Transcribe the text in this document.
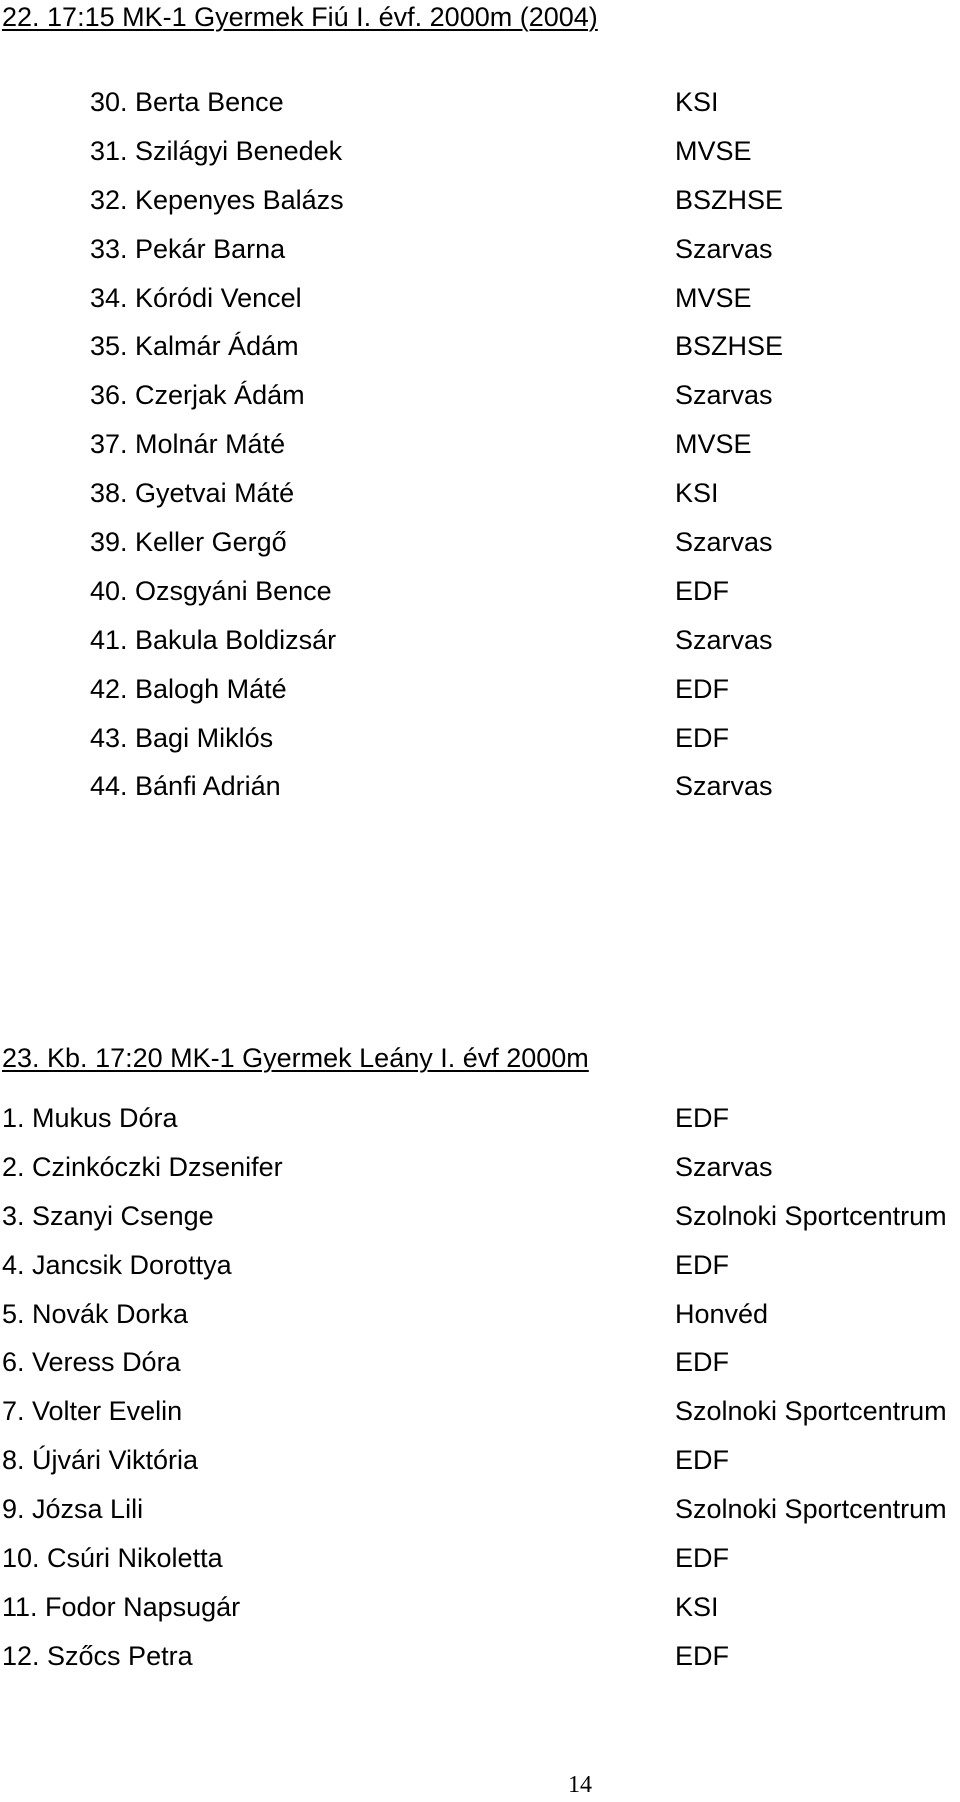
22. 17:15 MK-1 Gyermek Fiú I. évf. 2000m (2004)
30. Berta Bence	KSI
31. Szilágyi Benedek	MVSE
32. Kepenyes Balázs	BSZHSE
33. Pekár Barna	Szarvas
34. Kóródi Vencel	MVSE
35. Kalmár Ádám	BSZHSE
36. Czerjak Ádám	Szarvas
37. Molnár Máté	MVSE
38. Gyetvai Máté	KSI
39. Keller Gergő	Szarvas
40. Ozsgyáni Bence	EDF
41. Bakula Boldizsár	Szarvas
42. Balogh Máté	EDF
43. Bagi Miklós	EDF
44. Bánfi Adrián	Szarvas
23. Kb. 17:20 MK-1 Gyermek Leány I. évf 2000m
1. Mukus Dóra	EDF
2. Czinkóczki Dzsenifer	Szarvas
3. Szanyi Csenge	Szolnoki Sportcentrum
4. Jancsik Dorottya	EDF
5. Novák Dorka	Honvéd
6. Veress Dóra	EDF
7. Volter Evelin	Szolnoki Sportcentrum
8. Újvári Viktória	EDF
9. Józsa Lili	Szolnoki Sportcentrum
10. Csúri Nikoletta	EDF
11. Fodor Napsugár	KSI
12. Szőcs Petra	EDF
14
